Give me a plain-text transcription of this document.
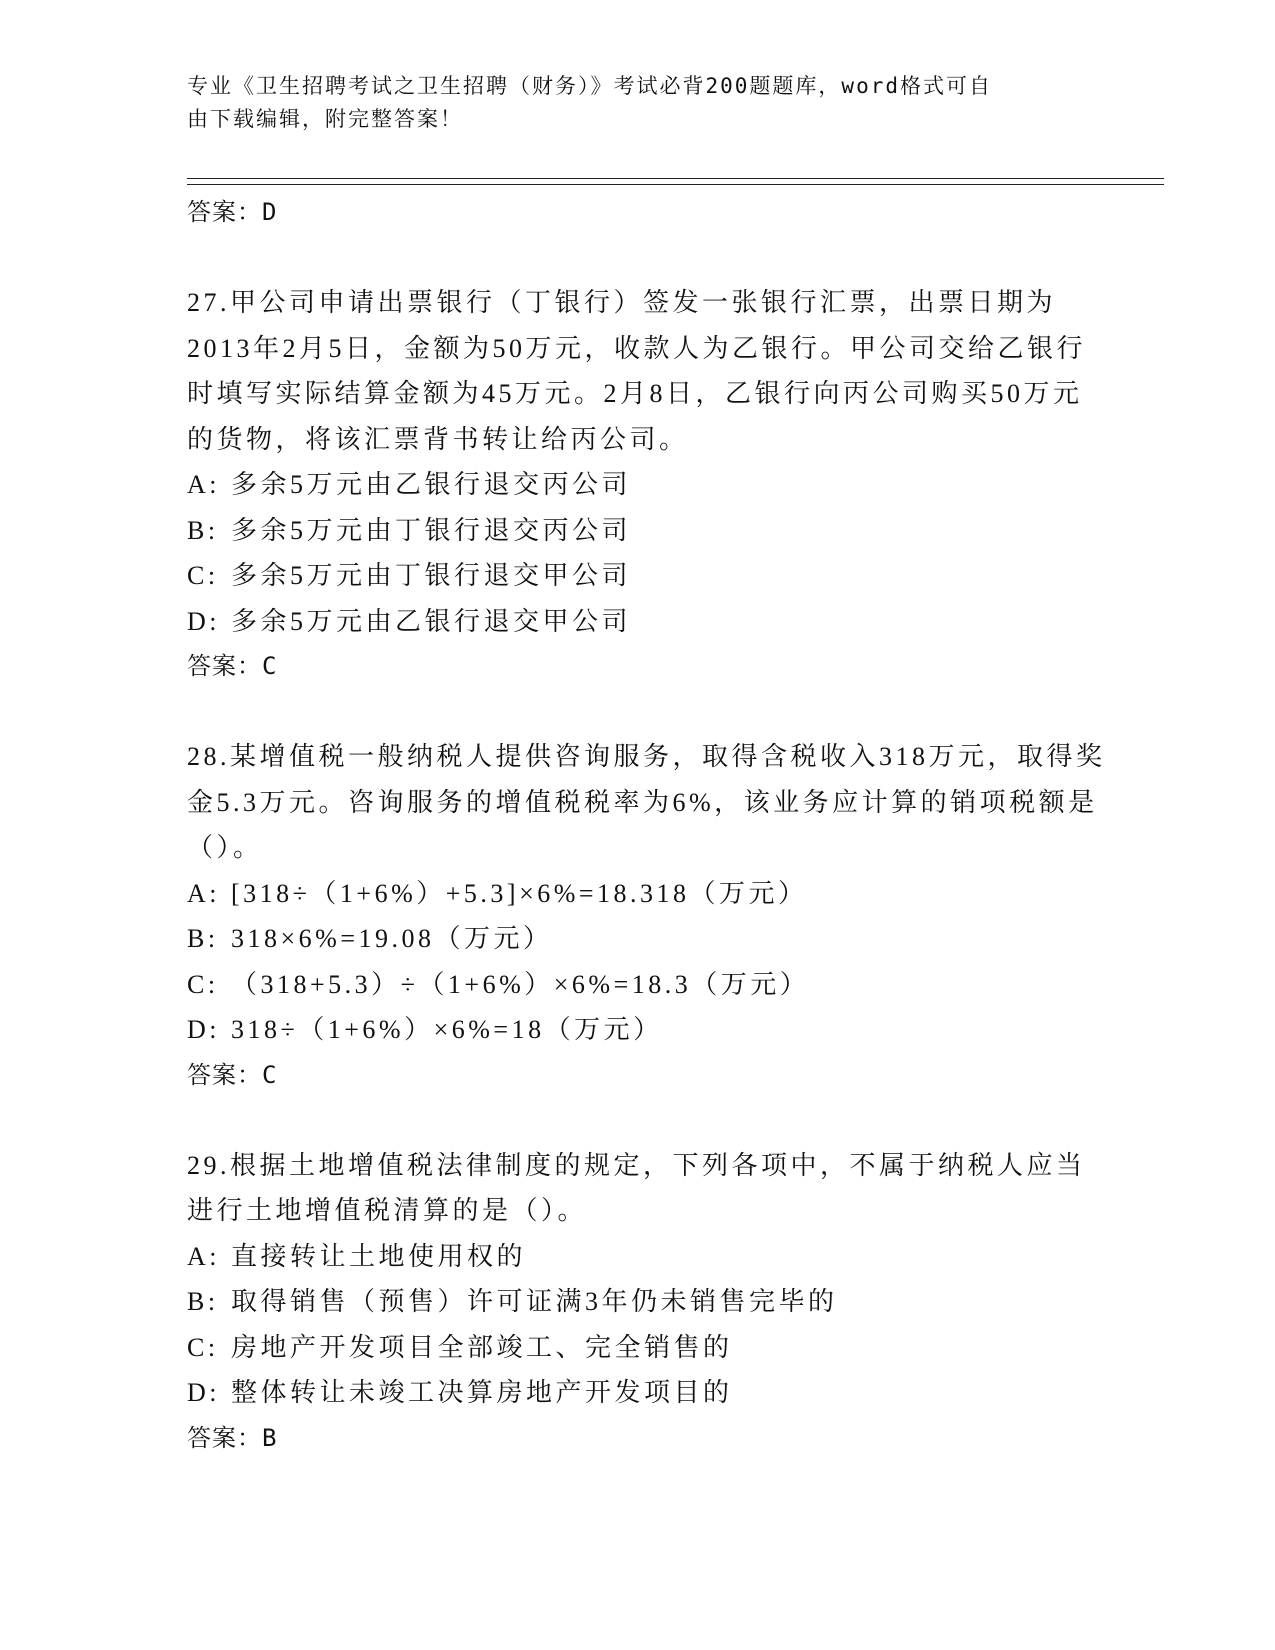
专业《卫生招聘考试之卫生招聘（财务）》考试必背200题题库，word格式可自
由下载编辑，附完整答案！
答案：D

27.甲公司申请出票银行（丁银行）签发一张银行汇票，出票日期为2013年2月5日，金额为50万元，收款人为乙银行。甲公司交给乙银行时填写实际结算金额为45万元。2月8日，乙银行向丙公司购买50万元的货物，将该汇票背书转让给丙公司。

A: 多余5万元由乙银行退交丙公司
B: 多余5万元由丁银行退交丙公司
C: 多余5万元由丁银行退交甲公司
D: 多余5万元由乙银行退交甲公司
答案：C

28.某增值税一般纳税人提供咨询服务，取得含税收入318万元，取得奖金5.3万元。咨询服务的增值税税率为6%，该业务应计算的销项税额是（）。

A: [318÷（1+6%）+5.3]×6%=18.318（万元）
B: 318×6%=19.08（万元）
C: （318+5.3）÷（1+6%）×6%=18.3（万元）
D: 318÷（1+6%）×6%=18（万元）
答案：C

29.根据土地增值税法律制度的规定，下列各项中，不属于纳税人应当进行土地增值税清算的是（）。

A: 直接转让土地使用权的
B: 取得销售（预售）许可证满3年仍未销售完毕的
C: 房地产开发项目全部竣工、完全销售的
D: 整体转让未竣工决算房地产开发项目的
答案：B
